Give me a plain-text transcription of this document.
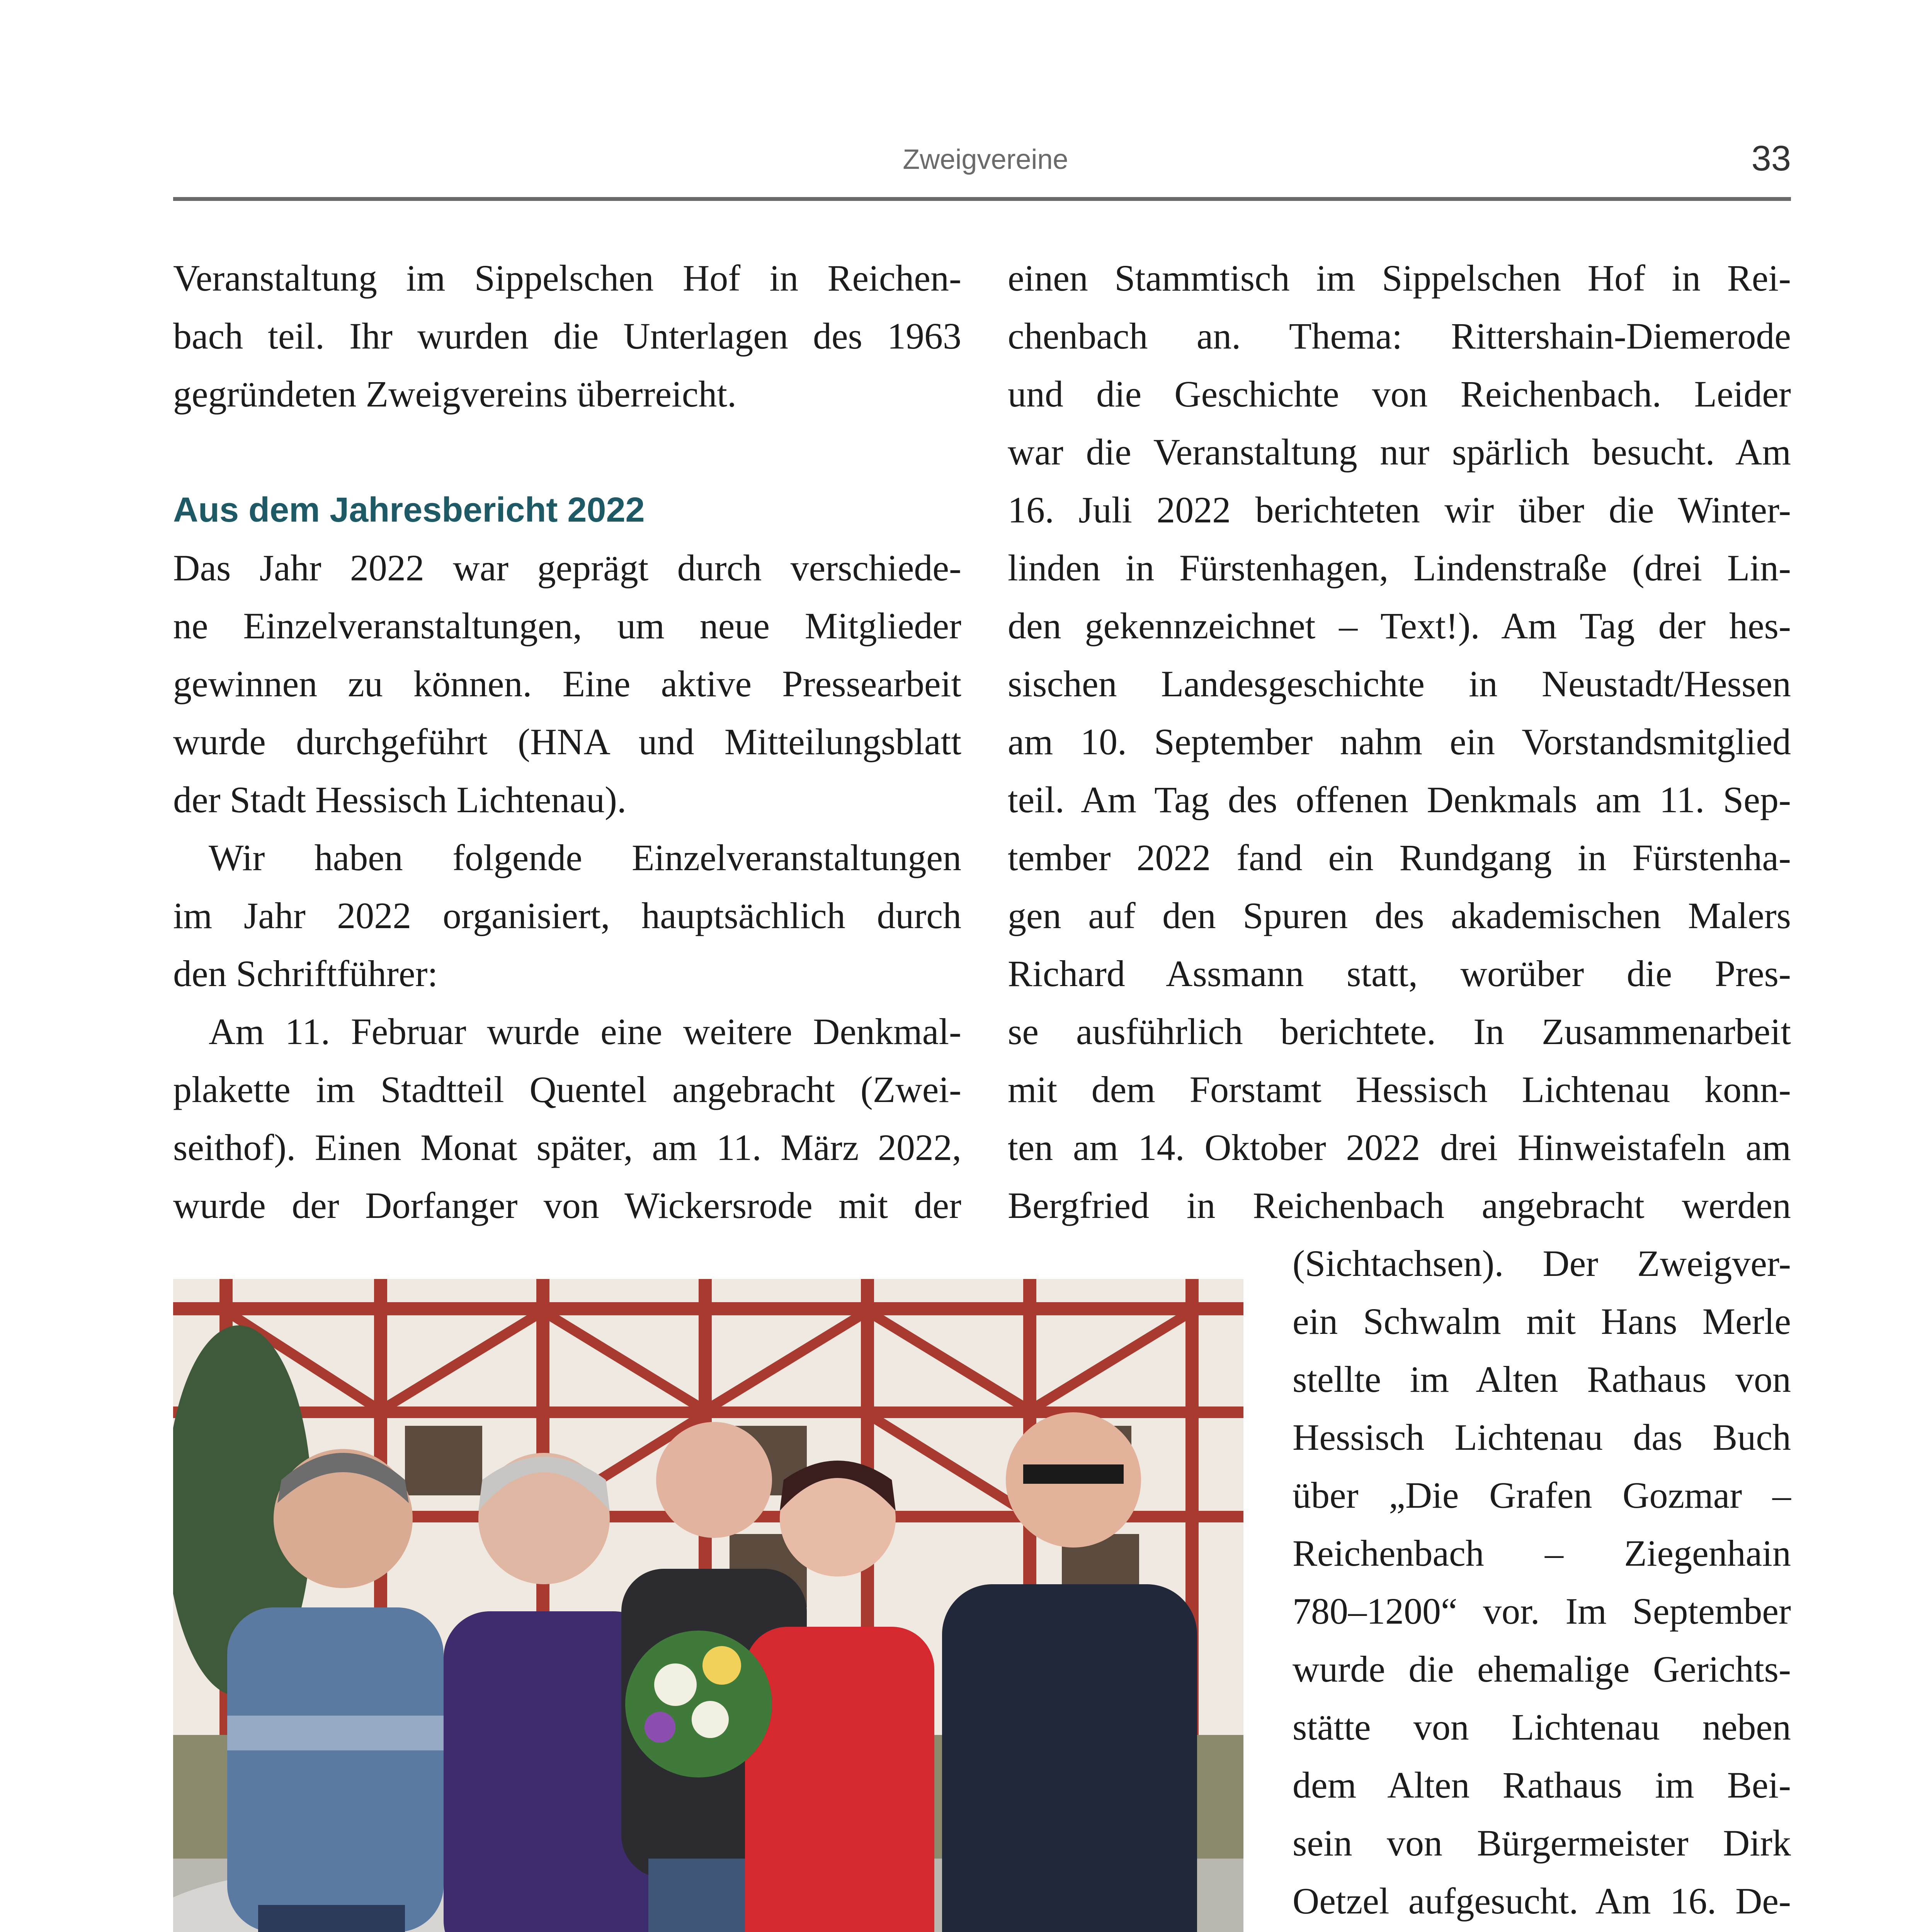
Zweigvereine	33

Veranstaltung im Sippelschen Hof in Reichen-

bach teil. Ihr wurden die Unterlagen des 1963

gegründeten Zweigvereins überreicht.

Aus dem Jahresbericht 2022

Das Jahr 2022 war geprägt durch verschiede-

ne Einzelveranstaltungen, um neue Mitglieder

gewinnen zu können. Eine aktive Pressearbeit

wurde durchgeführt (HNA und Mitteilungsblatt

der Stadt Hessisch Lichtenau).

Wir haben folgende Einzelveranstaltungen

im Jahr 2022 organisiert, hauptsächlich durch

den Schriftführer:

Am 11. Februar wurde eine weitere Denkmal-

plakette im Stadtteil Quentel angebracht (Zwei-

seithof). Einen Monat später, am 11. März 2022,

wurde der Dorfanger von Wickersrode mit der

einen Stammtisch im Sippelschen Hof in Rei-

chenbach an. Thema: Rittershain-Diemerode

und die Geschichte von Reichenbach. Leider

war die Veranstaltung nur spärlich besucht. Am

16. Juli 2022 berichteten wir über die Winter-

linden in Fürstenhagen, Lindenstraße (drei Lin-

den gekennzeichnet – Text!). Am Tag der hes-

sischen Landesgeschichte in Neustadt/Hessen

am 10. September nahm ein Vorstandsmitglied

teil. Am Tag des offenen Denkmals am 11. Sep-

tember 2022 fand ein Rundgang in Fürstenha-

gen auf den Spuren des akademischen Malers

Richard Assmann statt, worüber die Pres-

se ausführlich berichtete. In Zusammenarbeit

mit dem Forstamt Hessisch Lichtenau konn-

ten am 14. Oktober 2022 drei Hinweistafeln am

Bergfried in Reichenbach angebracht werden

(Sichtachsen). Der Zweigver-

ein Schwalm mit Hans Merle

stellte im Alten Rathaus von

Hessisch Lichtenau das Buch

über „Die Grafen Gozmar –

Reichenbach – Ziegenhain

780–1200“ vor. Im September

wurde die ehemalige Gerichts-

stätte von Lichtenau neben

dem Alten Rathaus im Bei-

sein von Bürgermeister Dirk

Oetzel aufgesucht. Am 16. De-
